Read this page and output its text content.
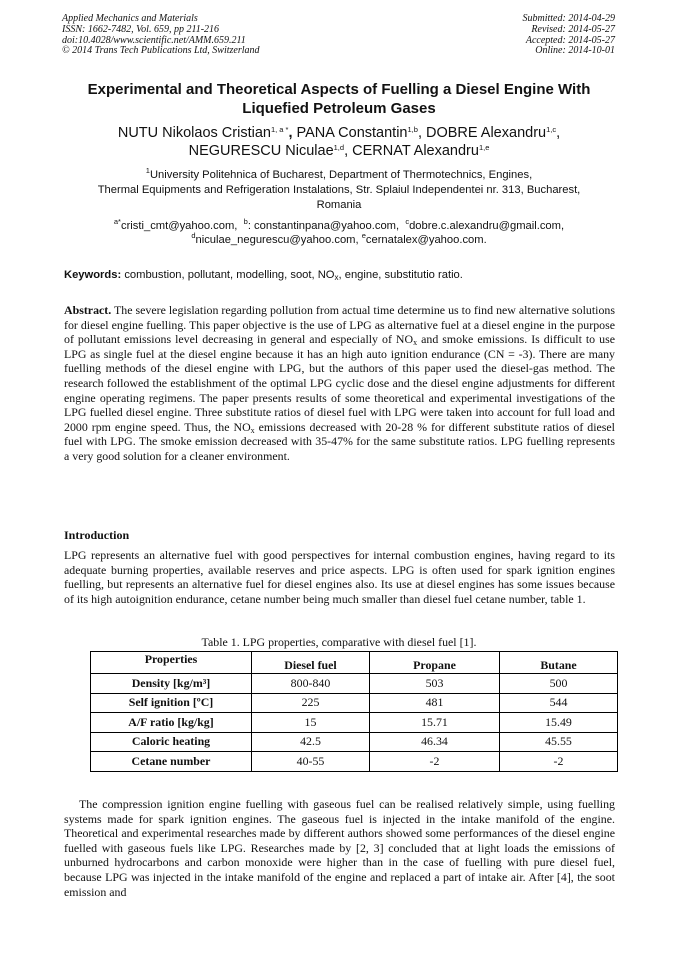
Applied Mechanics and Materials
ISSN: 1662-7482, Vol. 659, pp 211-216
doi:10.4028/www.scientific.net/AMM.659.211
© 2014 Trans Tech Publications Ltd, Switzerland
Submitted: 2014-04-29
Revised: 2014-05-27
Accepted: 2014-05-27
Online: 2014-10-01
Experimental and Theoretical Aspects of Fuelling a Diesel Engine With
Liquefied Petroleum Gases
NUTU Nikolaos Cristian$^{1, a *}$, PANA Constantin$^{1,b}$, DOBRE Alexandru$^{1,c}$,
NEGURESCU Niculae$^{1,d}$, CERNAT Alexandru$^{1,e}$
$^1$University Politehnica of Bucharest, Department of Thermotechnics, Engines,
Thermal Equipments and Refrigeration Instalations, Str. Splaiul Independentei nr. 313, Bucharest,
Romania
$^{a*}$cristi_cmt@yahoo.com, $^b$: constantinpana@yahoo.com, $^c$dobre.c.alexandru@gmail.com,
$^d$niculae_negurescu@yahoo.com, $^e$cernatalex@yahoo.com.
Keywords: combustion, pollutant, modelling, soot, $NO_x$, engine, substitutio ratio.

Abstract. The severe legislation regarding pollution from actual time determine us to find new alternative solutions for diesel engine fuelling. This paper objective is the use of LPG as alternative fuel at a diesel engine in the purpose of pollutant emissions level decreasing in general and especially of $NO_x$ and smoke emissions. Is difficult to use LPG as single fuel at the diesel engine because it has an high auto ignition endurance (CN = -3). There are many fuelling methods of the diesel engine with LPG, but the authors of this paper used the diesel-gas method. The research followed the establishment of the optimal LPG cyclic dose and the diesel engine adjustments for different engine operating regimens. The paper presents results of some theoretical and experimental investigations of the LPG fuelled diesel engine. Three substitute ratios of diesel fuel with LPG were taken into account for full load and 2000 rpm engine speed. Thus, the $NO_x$ emissions decreased with 20-28 % for different substitute ratios of diesel fuel with LPG. The smoke emission decreased with 35-47% for the same substitute ratios. LPG fuelling represents a very good solution for a cleaner environment.

Introduction

LPG represents an alternative fuel with good perspectives for internal combustion engines, having regard to its adequate burning properties, available reserves and price aspects. LPG is often used for spark ignition engines fuelling, but represents an alternative fuel for diesel engines also. Its use at diesel engines has some issues because of its high autoignition endurance, cetane number being much smaller than diesel fuel cetane number, table 1.

Table 1. LPG properties, comparative with diesel fuel [1].
Properties	Diesel fuel	Propane	Butane
Density [kg/m³]	800-840	503	500
Self ignition [ºC]	225	481	544
A/F ratio [kg/kg]	15	15.71	15.49
Caloric heating	42.5	46.34	45.55
Cetane number	40-55	-2	-2

The compression ignition engine fuelling with gaseous fuel can be realised relatively simple, using fuelling systems made for spark ignition engines. The gaseous fuel is injected in the intake manifold of the engine. Theoretical and experimental researches made by different authors showed some performances of the diesel engine fuelled with gaseous fuels like LPG. Researches made by [2, 3] concluded that at light loads the emissions of unburned hydrocarbons and carbon monoxide were higher than in the case of fuelling with pure diesel fuel, because LPG was injected in the intake manifold of the engine and replaced a part of intake air. After [4], the soot emission and
